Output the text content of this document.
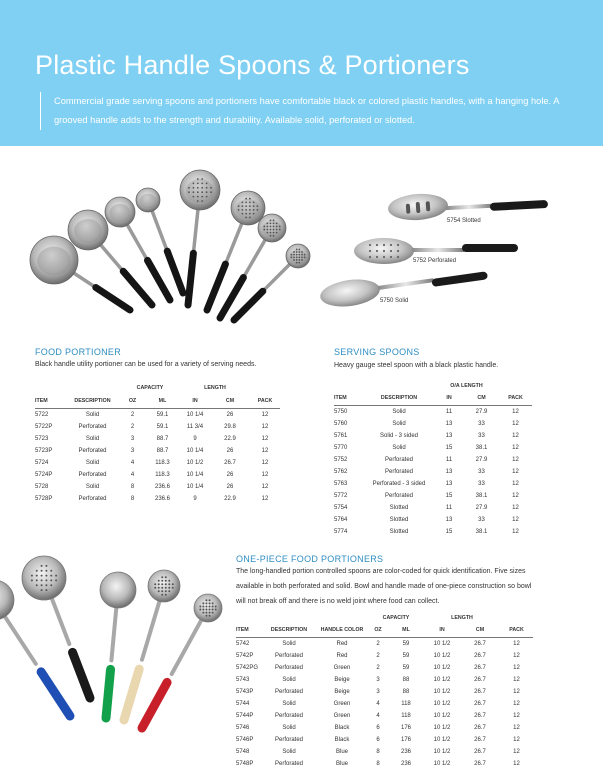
Plastic Handle Spoons & Portioners
Commercial grade serving spoons and portioners have comfortable black or colored plastic handles, with a hanging hole. A grooved handle adds to the strength and durability. Available solid, perforated or slotted.
5754 Slotted
5752 Perforated
5750 Solid
FOOD PORTIONER
Black handle utility portioner can be used for a variety of serving needs.
		CAPACITY		LENGTH		
ITEM	DESCRIPTION	OZ	ML	IN	CM	PACK
5722	Solid	2	59.1	10 1/4	26	12
5722P	Perforated	2	59.1	11 3/4	29.8	12
5723	Solid	3	88.7	9	22.9	12
5723P	Perforated	3	88.7	10 1/4	26	12
5724	Solid	4	118.3	10 1/2	26.7	12
5724P	Perforated	4	118.3	10 1/4	26	12
5728	Solid	8	236.6	10 1/4	26	12
5728P	Perforated	8	236.6	9	22.9	12
SERVING SPOONS
Heavy gauge steel spoon with a black plastic handle.
		O/A LENGTH		
ITEM	DESCRIPTION	IN	CM	PACK
5750	Solid	11	27.9	12
5760	Solid	13	33	12
5761	Solid - 3 sided	13	33	12
5770	Solid	15	38.1	12
5752	Perforated	11	27.9	12
5762	Perforated	13	33	12
5763	Perforated - 3 sided	13	33	12
5772	Perforated	15	38.1	12
5754	Slotted	11	27.9	12
5764	Slotted	13	33	12
5774	Slotted	15	38.1	12
ONE-PIECE FOOD PORTIONERS
The long-handled portion controlled spoons are color-coded for quick identification. Five sizes available in both perforated and solid. Bowl and handle made of one-piece construction so bowl will not break off and there is no weld joint where food can collect.
			CAPACITY		LENGTH		
ITEM	DESCRIPTION	HANDLE COLOR	OZ	ML	IN	CM	PACK
5742	Solid	Red	2	59	10 1/2	26.7	12
5742P	Perforated	Red	2	59	10 1/2	26.7	12
5742PG	Perforated	Green	2	59	10 1/2	26.7	12
5743	Solid	Beige	3	88	10 1/2	26.7	12
5743P	Perforated	Beige	3	88	10 1/2	26.7	12
5744	Solid	Green	4	118	10 1/2	26.7	12
5744P	Perforated	Green	4	118	10 1/2	26.7	12
5746	Solid	Black	6	176	10 1/2	26.7	12
5746P	Perforated	Black	6	176	10 1/2	26.7	12
5748	Solid	Blue	8	236	10 1/2	26.7	12
5748P	Perforated	Blue	8	236	10 1/2	26.7	12
